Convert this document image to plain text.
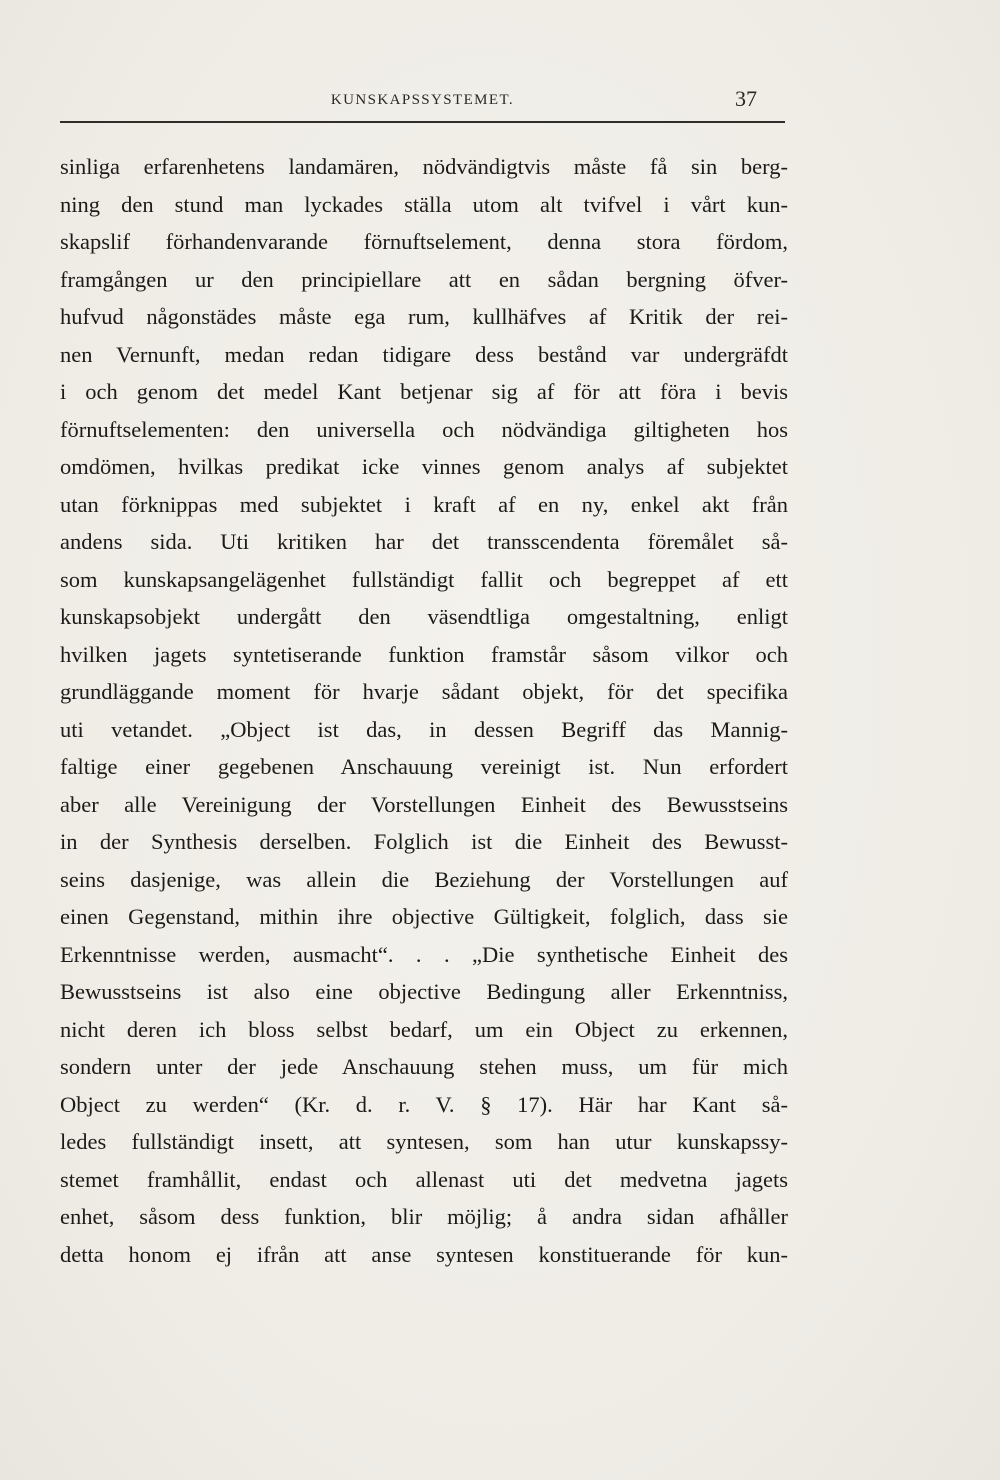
KUNSKAPSSYSTEMET.	37
sinliga erfarenhetens landamären, nödvändigtvis måste få sin berg-
ning den stund man lyckades ställa utom alt tvifvel i vårt kun-
skapslif förhandenvarande förnuftselement, denna stora fördom,
framgången ur den principiellare att en sådan bergning öfver-
hufvud någonstädes måste ega rum, kullhäfves af Kritik der rei-
nen Vernunft, medan redan tidigare dess bestånd var undergräfdt
i och genom det medel Kant betjenar sig af för att föra i bevis
förnuftselementen: den universella och nödvändiga giltigheten hos
omdömen, hvilkas predikat icke vinnes genom analys af subjektet
utan förknippas med subjektet i kraft af en ny, enkel akt från
andens sida. Uti kritiken har det transscendenta föremålet så-
som kunskapsangelägenhet fullständigt fallit och begreppet af ett
kunskapsobjekt undergått den väsendtliga omgestaltning, enligt
hvilken jagets syntetiserande funktion framstår såsom vilkor och
grundläggande moment för hvarje sådant objekt, för det specifika
uti vetandet. „Object ist das, in dessen Begriff das Mannig-
faltige einer gegebenen Anschauung vereinigt ist. Nun erfordert
aber alle Vereinigung der Vorstellungen Einheit des Bewusstseins
in der Synthesis derselben. Folglich ist die Einheit des Bewusst-
seins dasjenige, was allein die Beziehung der Vorstellungen auf
einen Gegenstand, mithin ihre objective Gültigkeit, folglich, dass sie
Erkenntnisse werden, ausmacht“. . . „Die synthetische Einheit des
Bewusstseins ist also eine objective Bedingung aller Erkenntniss,
nicht deren ich bloss selbst bedarf, um ein Object zu erkennen,
sondern unter der jede Anschauung stehen muss, um für mich
Object zu werden“ (Kr. d. r. V. § 17). Här har Kant så-
ledes fullständigt insett, att syntesen, som han utur kunskapssy-
stemet framhållit, endast och allenast uti det medvetna jagets
enhet, såsom dess funktion, blir möjlig; å andra sidan afhåller
detta honom ej ifrån att anse syntesen konstituerande för kun-
